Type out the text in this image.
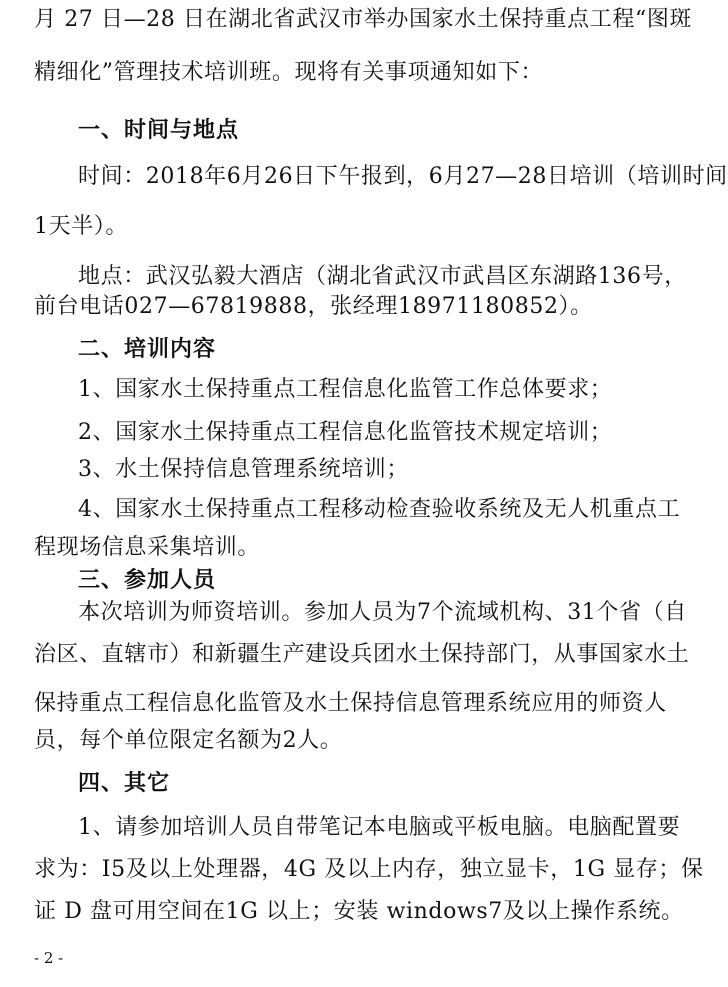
月 27 日—28 日在湖北省武汉市举办国家水土保持重点工程“图斑
精细化”管理技术培训班。现将有关事项通知如下：
一、时间与地点
时间：2018年6月26日下午报到，6月27—28日培训（培训时间
1天半）。
地点：武汉弘毅大酒店（湖北省武汉市武昌区东湖路136号，
前台电话027—67819888，张经理18971180852）。
二、培训内容
1、国家水土保持重点工程信息化监管工作总体要求；
2、国家水土保持重点工程信息化监管技术规定培训；
3、水土保持信息管理系统培训；
4、国家水土保持重点工程移动检查验收系统及无人机重点工
程现场信息采集培训。
三、参加人员
本次培训为师资培训。参加人员为7个流域机构、31个省（自
治区、直辖市）和新疆生产建设兵团水土保持部门，从事国家水土
保持重点工程信息化监管及水土保持信息管理系统应用的师资人
员，每个单位限定名额为2人。
四、其它
1、请参加培训人员自带笔记本电脑或平板电脑。电脑配置要
求为：I5及以上处理器，4G 及以上内存，独立显卡，1G 显存；保
证 D 盘可用空间在1G 以上；安装 windows7及以上操作系统。
- 2 -
